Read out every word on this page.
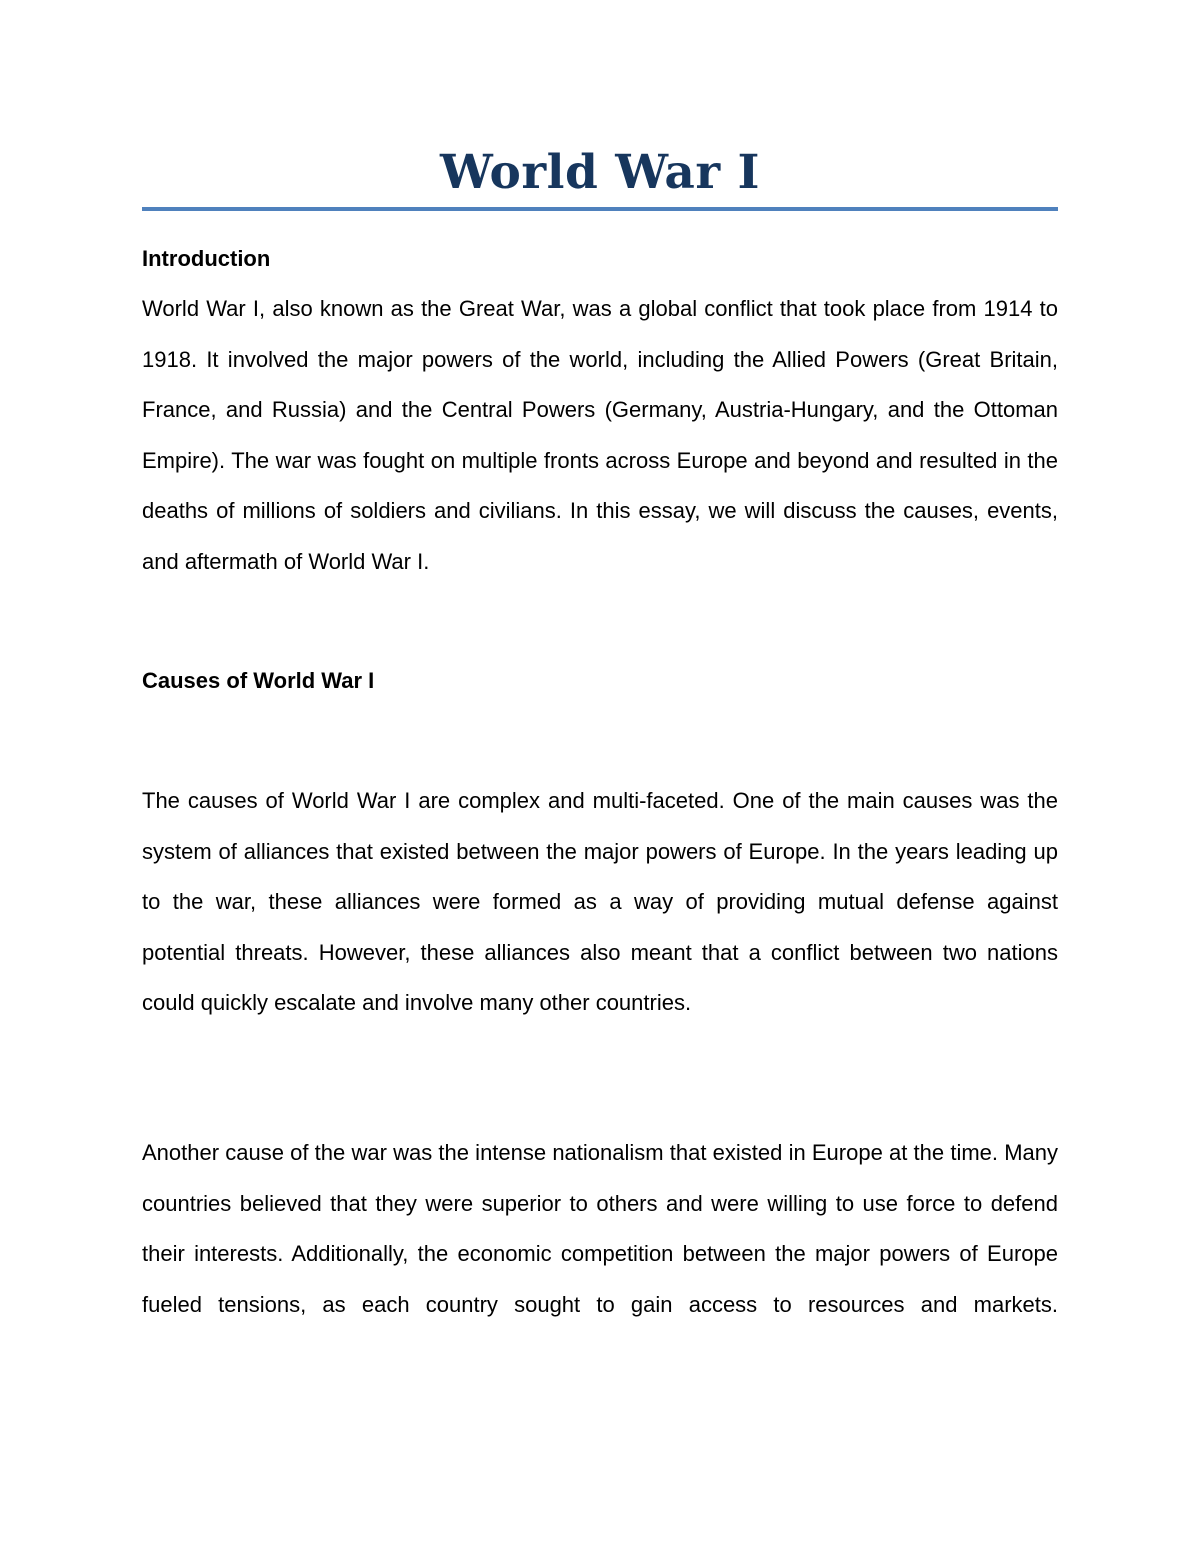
World War I
Introduction

World War I, also known as the Great War, was a global conflict that took place from 1914 to 1918. It involved the major powers of the world, including the Allied Powers (Great Britain, France, and Russia) and the Central Powers (Germany, Austria-Hungary, and the Ottoman Empire). The war was fought on multiple fronts across Europe and beyond and resulted in the deaths of millions of soldiers and civilians. In this essay, we will discuss the causes, events, and aftermath of World War I.

Causes of World War I

The causes of World War I are complex and multi-faceted. One of the main causes was the system of alliances that existed between the major powers of Europe. In the years leading up to the war, these alliances were formed as a way of providing mutual defense against potential threats. However, these alliances also meant that a conflict between two nations could quickly escalate and involve many other countries.

Another cause of the war was the intense nationalism that existed in Europe at the time. Many countries believed that they were superior to others and were willing to use force to defend their interests. Additionally, the economic competition between the major powers of Europe fueled tensions, as each country sought to gain access to resources and markets.
